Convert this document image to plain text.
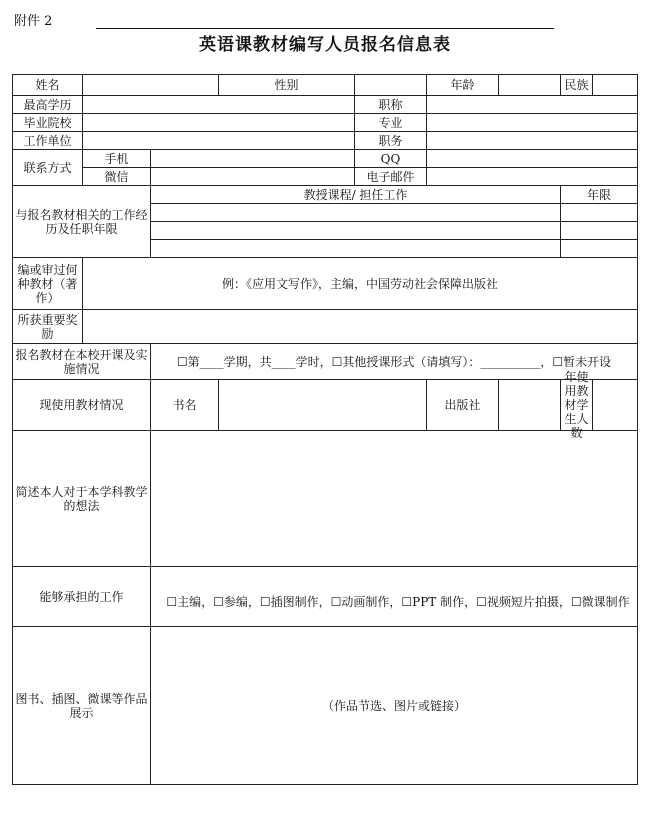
附件 2
英语课教材编写人员报名信息表
姓名			性别		年龄		民族

最高学历				职称			
毕业院校				专业			
工作单位				职务			
联系方式	手机			QQ			
	微信			电子邮件			
与报名教材相关的工作经历及任职年限		教授课程/ 担任工作					年限

编或审过何种教材（著作）	例：《应用文写作》，主编，中国劳动社会保障出版社						
所获重要奖励							
报名教材在本校开课及实施情况		☐第____学期，共____学时，☐其他授课形式（请填写）：__________，☐暂未开设					
现使用教材情况		书名			出版社		年使用教材学生人数

简述本人对于本学科教学的想法							
能够承担的工作		☐主编，☐参编，☐插图制作，☐动画制作，☐PPT 制作，☐视频短片拍摄，☐微课制作					
图书、插图、微课等作品展示		（作品节选、图片或链接）					
